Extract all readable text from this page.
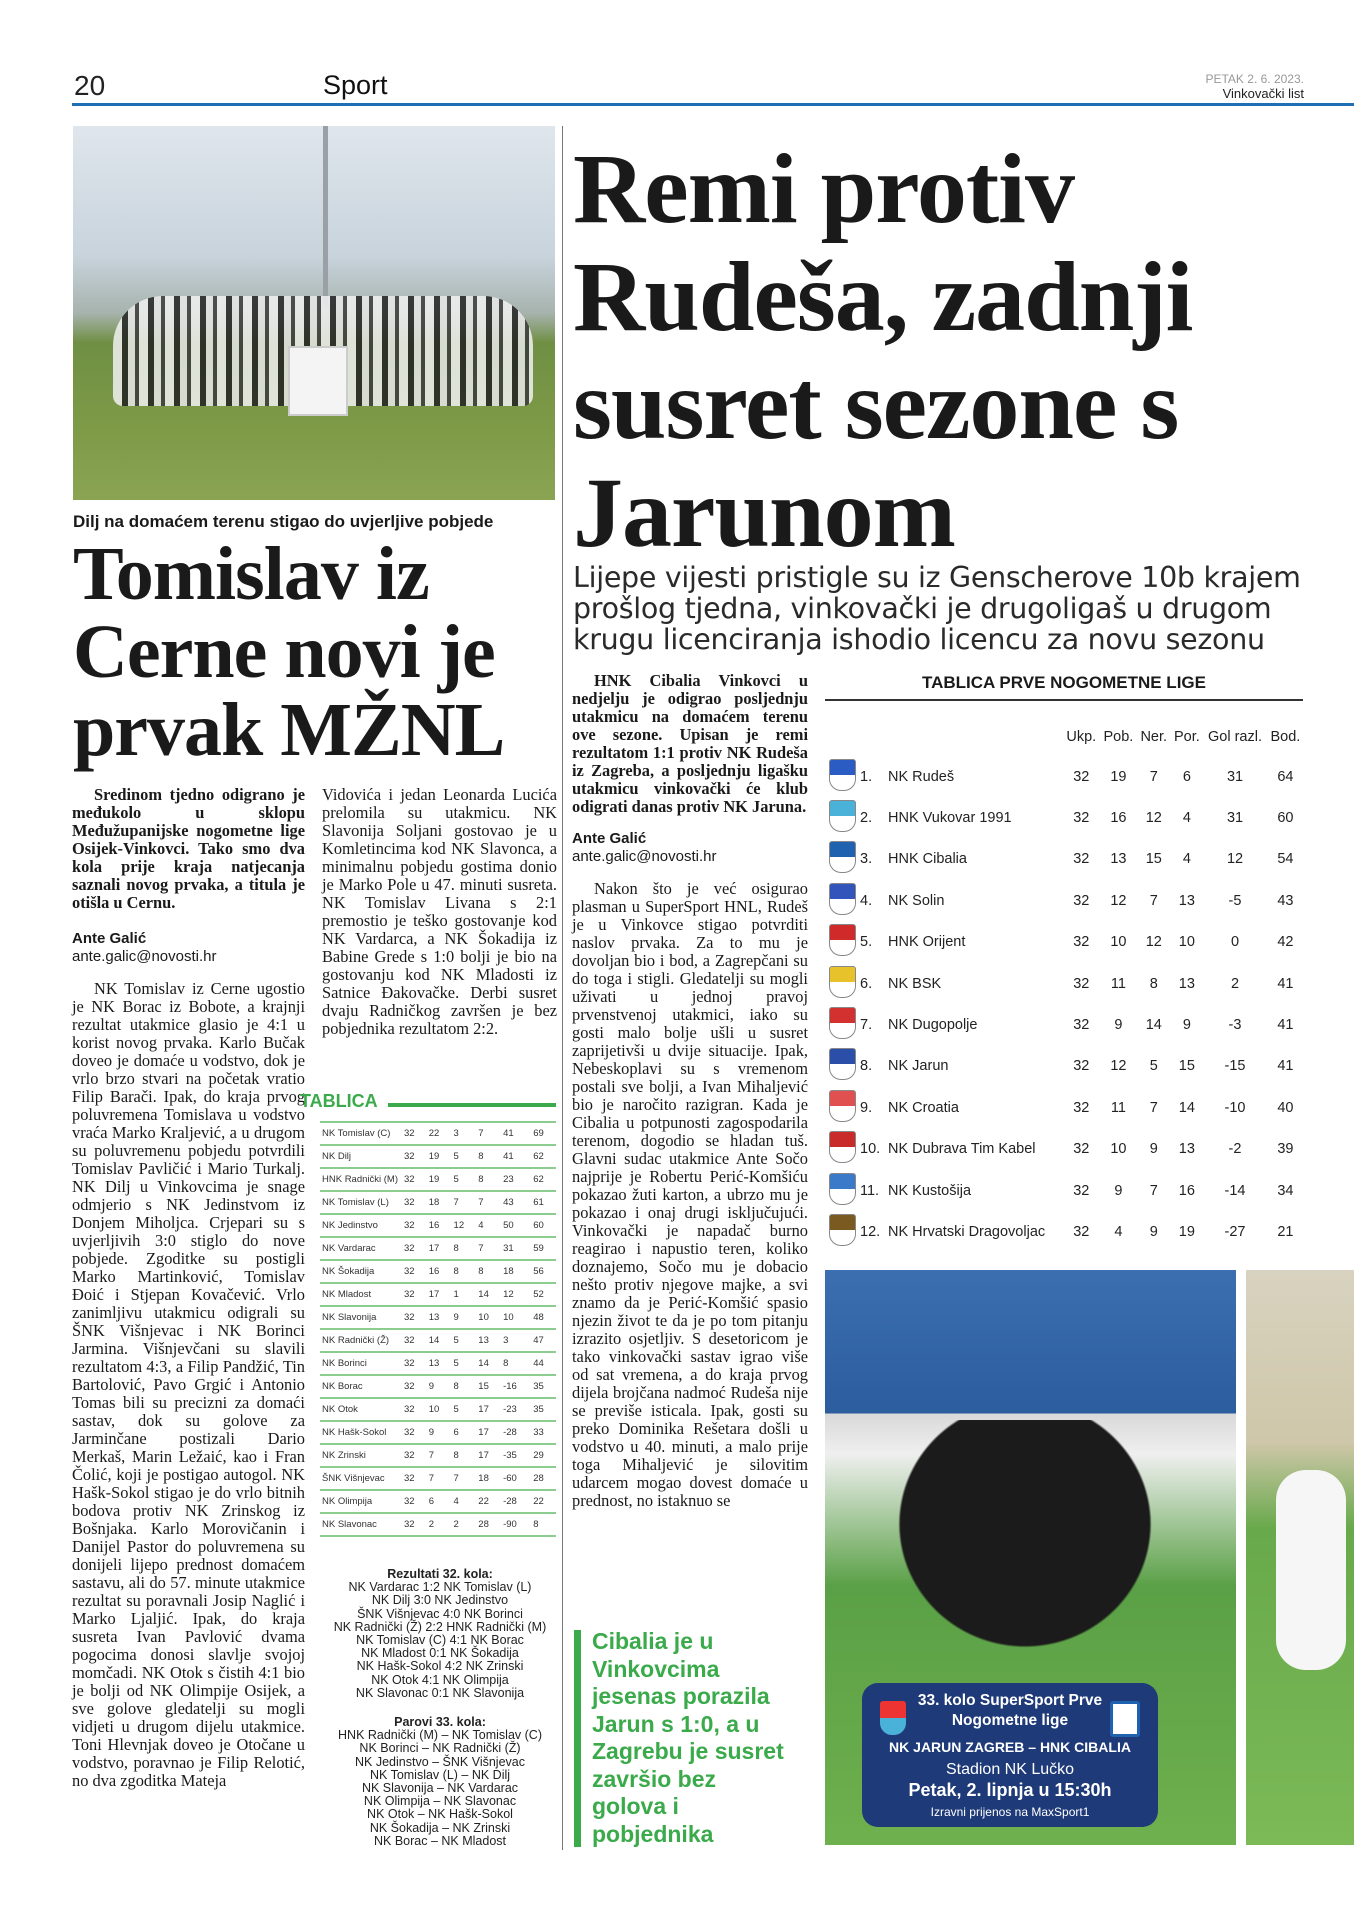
20	Sport	PETAK 2. 6. 2023.
Vinkovački list
Dilj na domaćem terenu stigao do uvjerljive pobjede
Tomislav iz Cerne novi je prvak MŽNL

Sredinom tjedno odigrano je međukolo u sklopu Međužupanijske nogometne lige Osijek-Vinkovci. Tako smo dva kola prije kraja natjecanja saznali novog prvaka, a titula je otišla u Cernu.

Ante Galić
ante.galic@novosti.hr

NK Tomislav iz Cerne ugostio je NK Borac iz Bobote, a krajnji rezultat utakmice glasio je 4:1 u korist novog prvaka. Karlo Bučak doveo je domaće u vodstvo, dok je vrlo brzo stvari na početak vratio Filip Barači. Ipak, do kraja prvog poluvremena Tomislava u vodstvo vraća Marko Kraljević, a u drugom su poluvremenu pobjedu potvrdili Tomislav Pavličić i Mario Turkalj. NK Dilj u Vinkovcima je snage odmjerio s NK Jedinstvom iz Donjem Miholjca. Crjepari su s uvjerljivih 3:0 stiglo do nove pobjede. Zgoditke su postigli Marko Martinković, Tomislav Đoić i Stjepan Kovačević. Vrlo zanimljivu utakmicu odigrali su ŠNK Višnjevac i NK Borinci Jarmina. Višnjevčani su slavili rezultatom 4:3, a Filip Pandžić, Tin Bartolović, Pavo Grgić i Antonio Tomas bili su precizni za domaći sastav, dok su golove za Jarminčane postizali Dario Merkaš, Marin Ležaić, kao i Fran Čolić, koji je postigao autogol. NK Hašk-Sokol stigao je do vrlo bitnih bodova protiv NK Zrinskog iz Bošnjaka. Karlo Morovičanin i Danijel Pastor do poluvremena su donijeli lijepo prednost domaćem sastavu, ali do 57. minute utakmice rezultat su poravnali Josip Naglić i Marko Ljaljić. Ipak, do kraja susreta Ivan Pavlović dvama pogocima donosi slavlje svojoj momčadi. NK Otok s čistih 4:1 bio je bolji od NK Olimpije Osijek, a sve golove gledatelji su mogli vidjeti u drugom dijelu utakmice. Toni Hlevnjak doveo je Otočane u vodstvo, poravnao je Filip Relotić, no dva zgoditka Mateja

Vidovića i jedan Leonarda Lucića prelomila su utakmicu. NK Slavonija Soljani gostovao je u Komletincima kod NK Slavonca, a minimalnu pobjedu gostima donio je Marko Pole u 47. minuti susreta. NK Tomislav Livana s 2:1 premostio je teško gostovanje kod NK Vardarca, a NK Šokadija iz Babine Grede s 1:0 bolji je bio na gostovanju kod NK Mladosti iz Satnice Đakovačke. Derbi susret dvaju Radničkog završen je bez pobjednika rezultatom 2:2.

TABLICA
NK Tomislav (C)	32	22	3	7	41	69
NK Dilj	32	19	5	8	41	62
HNK Radnički (M)	32	19	5	8	23	62
NK Tomislav (L)	32	18	7	7	43	61
NK Jedinstvo	32	16	12	4	50	60
NK Vardarac	32	17	8	7	31	59
NK Šokadija	32	16	8	8	18	56
NK Mladost	32	17	1	14	12	52
NK Slavonija	32	13	9	10	10	48
NK Radnički (Ž)	32	14	5	13	3	47
NK Borinci	32	13	5	14	8	44
NK Borac	32	9	8	15	-16	35
NK Otok	32	10	5	17	-23	35
NK Hašk-Sokol	32	9	6	17	-28	33
NK Zrinski	32	7	8	17	-35	29
ŠNK Višnjevac	32	7	7	18	-60	28
NK Olimpija	32	6	4	22	-28	22
NK Slavonac	32	2	2	28	-90	8
Rezultati 32. kola:
NK Vardarac 1:2 NK Tomislav (L)
NK Dilj 3:0 NK Jedinstvo
ŠNK Višnjevac 4:0 NK Borinci
NK Radnički (Ž) 2:2 HNK Radnički (M)
NK Tomislav (C) 4:1 NK Borac
NK Mladost 0:1 NK Šokadija
NK Hašk-Sokol 4:2 NK Zrinski
NK Otok 4:1 NK Olimpija
NK Slavonac 0:1 NK Slavonija
Parovi 33. kola:
HNK Radnički (M) – NK Tomislav (C)
NK Borinci – NK Radnički (Ž)
NK Jedinstvo – ŠNK Višnjevac
NK Tomislav (L) – NK Dilj
NK Slavonija – NK Vardarac
NK Olimpija – NK Slavonac
NK Otok – NK Hašk-Sokol
NK Šokadija – NK Zrinski
NK Borac – NK Mladost
Remi protiv Rudeša, zadnji susret sezone s Jarunom
Lijepe vijesti pristigle su iz Genscherove 10b krajem prošlog tjedna, vinkovački je drugoligaš u drugom krugu licenciranja ishodio licencu za novu sezonu

HNK Cibalia Vinkovci u nedjelju je odigrao posljednju utakmicu na domaćem terenu ove sezone. Upisan je remi rezultatom 1:1 protiv NK Rudeša iz Zagreba, a posljednju ligašku utakmicu vinkovački će klub odigrati danas protiv NK Jaruna.

Ante Galić
ante.galic@novosti.hr

Nakon što je već osigurao plasman u SuperSport HNL, Rudeš je u Vinkovce stigao potvrditi naslov prvaka. Za to mu je dovoljan bio i bod, a Zagrepčani su do toga i stigli. Gledatelji su mogli uživati u jednoj pravoj prvenstvenoj utakmici, iako su gosti malo bolje ušli u susret zaprijetivši u dvije situacije. Ipak, Nebeskoplavi su s vremenom postali sve bolji, a Ivan Mihaljević bio je naročito razigran. Kada je Cibalia u potpunosti zagospodarila terenom, dogodio se hladan tuš. Glavni sudac utakmice Ante Sočo najprije je Robertu Perić-Komšiću pokazao žuti karton, a ubrzo mu je pokazao i onaj drugi isključujući. Vinkovački je napadač burno reagirao i napustio teren, koliko doznajemo, Sočo mu je dobacio nešto protiv njegove majke, a svi znamo da je Perić-Komšić spasio njezin život te da je po tom pitanju izrazito osjetljiv. S desetoricom je tako vinkovački sastav igrao više od sat vremena, a do kraja prvog dijela brojčana nadmoć Rudeša nije se previše isticala. Ipak, gosti su preko Dominika Rešetara došli u vodstvo u 40. minuti, a malo prije toga Mihaljević je silovitim udarcem mogao dovest domaće u prednost, no istaknuo se

Cibalia je u Vinkovcima jesenas porazila Jarun s 1:0, a u Zagrebu je susret završio bez golova i pobjednika
TABLICA PRVE NOGOMETNE LIGE
			Ukp.	Pob.	Ner.	Por.	Gol razl.	Bod.
	1.	NK Rudeš	32	19	7	6	31	64
	2.	HNK Vukovar 1991	32	16	12	4	31	60
	3.	HNK Cibalia	32	13	15	4	12	54
	4.	NK Solin	32	12	7	13	-5	43
	5.	HNK Orijent	32	10	12	10	0	42
	6.	NK BSK	32	11	8	13	2	41
	7.	NK Dugopolje	32	9	14	9	-3	41
	8.	NK Jarun	32	12	5	15	-15	41
	9.	NK Croatia	32	11	7	14	-10	40
	10.	NK Dubrava Tim Kabel	32	10	9	13	-2	39
	11.	NK Kustošija	32	9	7	16	-14	34
	12.	NK Hrvatski Dragovoljac	32	4	9	19	-27	21
33. kolo SuperSport Prve Nogometne lige
NK JARUN ZAGREB – HNK CIBALIA
Stadion NK Lučko
Petak, 2. lipnja u 15:30h
Izravni prijenos na MaxSport1
